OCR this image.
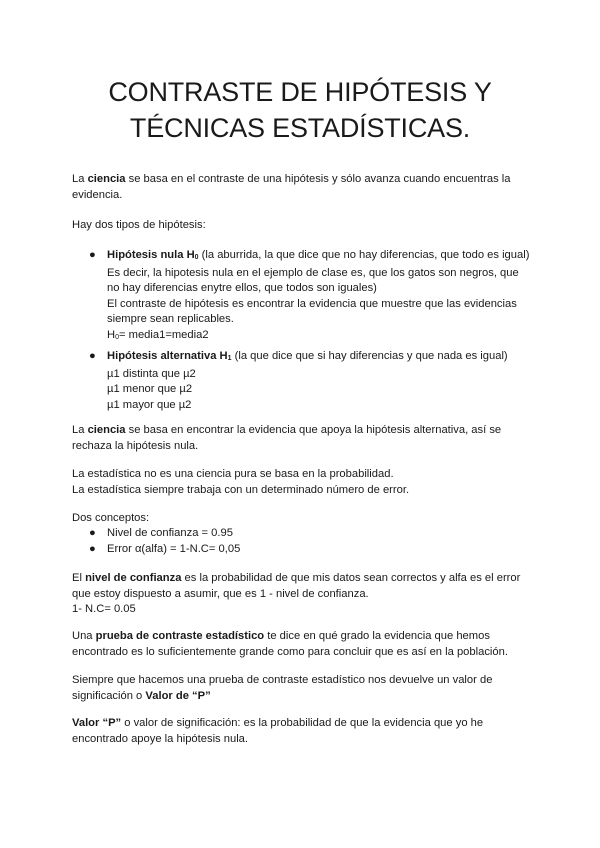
CONTRASTE DE HIPÓTESIS Y
TÉCNICAS ESTADÍSTICAS.

La ciencia se basa en el contraste de una hipótesis y sólo avanza cuando encuentras la
evidencia.

Hay dos tipos de hipótesis:

● Hipótesis nula $H_0$ (la aburrida, la que dice que no hay diferencias, que todo es igual)
Es decir, la hipotesis nula en el ejemplo de clase es, que los gatos son negros, que
no hay diferencias enytre ellos, que todos son iguales)
El contraste de hipótesis es encontrar la evidencia que muestre que las evidencias
siempre sean replicables.
$H_0=$ media1=media2
● Hipótesis alternativa $H_1$ (la que dice que si hay diferencias y que nada es igual)
µ1 distinta que µ2
µ1 menor que µ2
µ1 mayor que µ2

La ciencia se basa en encontrar la evidencia que apoya la hipótesis alternativa, así se
rechaza la hipótesis nula.

La estadística no es una ciencia pura se basa en la probabilidad.
La estadística siempre trabaja con un determinado número de error.

Dos conceptos:

● Nivel de confianza = 0.95
● Error α(alfa) = 1-N.C= 0,05

El nivel de confianza es la probabilidad de que mis datos sean correctos y alfa es el error
que estoy dispuesto a asumir, que es 1 - nivel de confianza.
1- N.C= 0.05

Una prueba de contraste estadístico te dice en qué grado la evidencia que hemos
encontrado es lo suficientemente grande como para concluir que es así en la población.

Siempre que hacemos una prueba de contraste estadístico nos devuelve un valor de
significación o Valor de “P”

Valor “P” o valor de significación: es la probabilidad de que la evidencia que yo he
encontrado apoye la hipótesis nula.
